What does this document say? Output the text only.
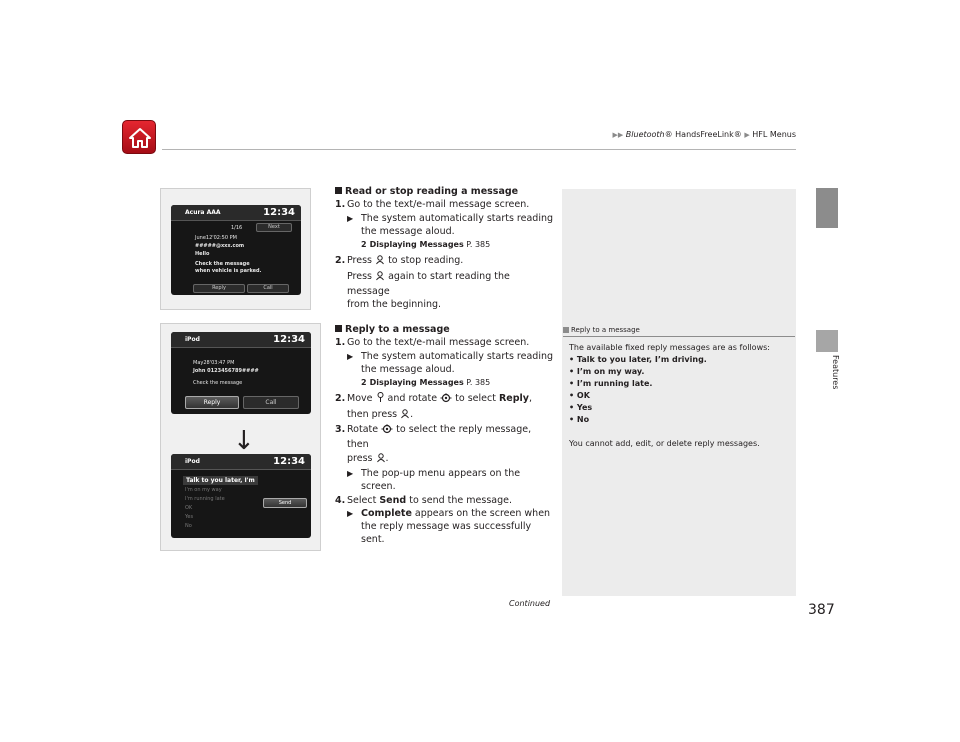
▶▶ Bluetooth® HandsFreeLink® ▶ HFL Menus
Features
Acura AAA	12:34
1/16	Next
June12'02:50 PM
#####@xxx.com
Hello
Check the message
when vehicle is parked.
Reply	Call
iPod	12:34
May28'03:47 PM
John 0123456789####
Check the message
Reply	Call
iPod	12:34
Talk to you later, I'm
I'm on my way
I'm running late
OK
Yes
No
Send
↓
Read or stop reading a message
1. Go to the text/e-mail message screen.
▶ The system automatically starts reading
the message aloud.
2 Displaying Messages P. 385
2. Press to stop reading.
Press again to start reading the message
from the beginning.
Reply to a message
1. Go to the text/e-mail message screen.
▶ The system automatically starts reading
the message aloud.
2 Displaying Messages P. 385
2. Move and rotate to select Reply,
then press .
3. Rotate to select the reply message, then
press .
▶ The pop-up menu appears on the screen.
4. Select Send to send the message.
▶ Complete appears on the screen when
the reply message was successfully sent.
Reply to a message
The available fixed reply messages are as follows:
• Talk to you later, I’m driving.
• I’m on my way.
• I’m running late.
• OK
• Yes
• No
You cannot add, edit, or delete reply messages.
Continued	387
